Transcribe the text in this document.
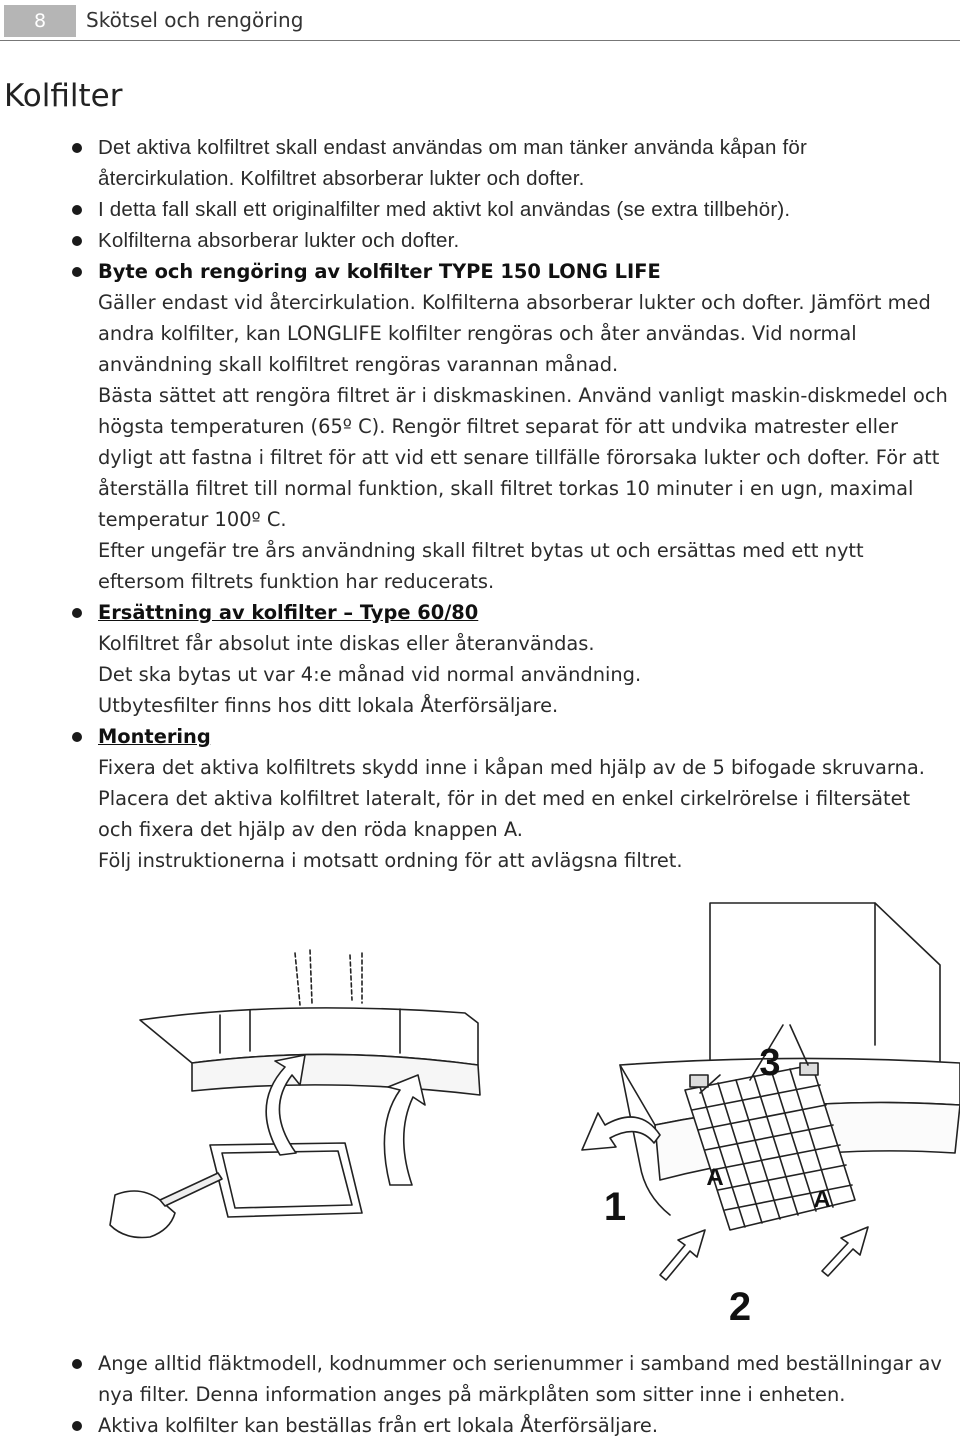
8	Skötsel och rengöring
Kolfilter
Det aktiva kolfiltret skall endast användas om man tänker använda kåpan för
återcirkulation. Kolfiltret absorberar lukter och dofter.
I detta fall skall ett originalfilter med aktivt kol användas (se extra tillbehör).
Kolfilterna absorberar lukter och dofter.
Byte och rengöring av kolfilter TYPE 150 LONG LIFE
Gäller endast vid återcirkulation. Kolfilterna absorberar lukter och dofter. Jämfört med
andra kolfilter, kan LONGLIFE kolfilter rengöras och åter användas. Vid normal
användning skall kolfiltret rengöras varannan månad.
Bästa sättet att rengöra filtret är i diskmaskinen. Använd vanligt maskin-diskmedel och
högsta temperaturen (65º C). Rengör filtret separat för att undvika matrester eller
dyligt att fastna i filtret för att vid ett senare tillfälle förorsaka lukter och dofter. För att
återställa filtret till normal funktion, skall filtret torkas 10 minuter i en ugn, maximal
temperatur 100º C.
Efter ungefär tre års användning skall filtret bytas ut och ersättas med ett nytt
eftersom filtrets funktion har reducerats.
Ersättning av kolfilter – Type 60/80
Kolfiltret får absolut inte diskas eller återanvändas.
Det ska bytas ut var 4:e månad vid normal användning.
Utbytesfilter finns hos ditt lokala Återförsäljare.
Montering
Fixera det aktiva kolfiltrets skydd inne i kåpan med hjälp av de 5 bifogade skruvarna.
Placera det aktiva kolfiltret lateralt, för in det med en enkel cirkelrörelse i filtersätet
och fixera det hjälp av den röda knappen A.
Följ instruktionerna i motsatt ordning för att avlägsna filtret.
3
1
2
A
A
Ange alltid fläktmodell, kodnummer och serienummer i samband med beställningar av
nya filter. Denna information anges på märkplåten som sitter inne i enheten.
Aktiva kolfilter kan beställas från ert lokala Återförsäljare.
